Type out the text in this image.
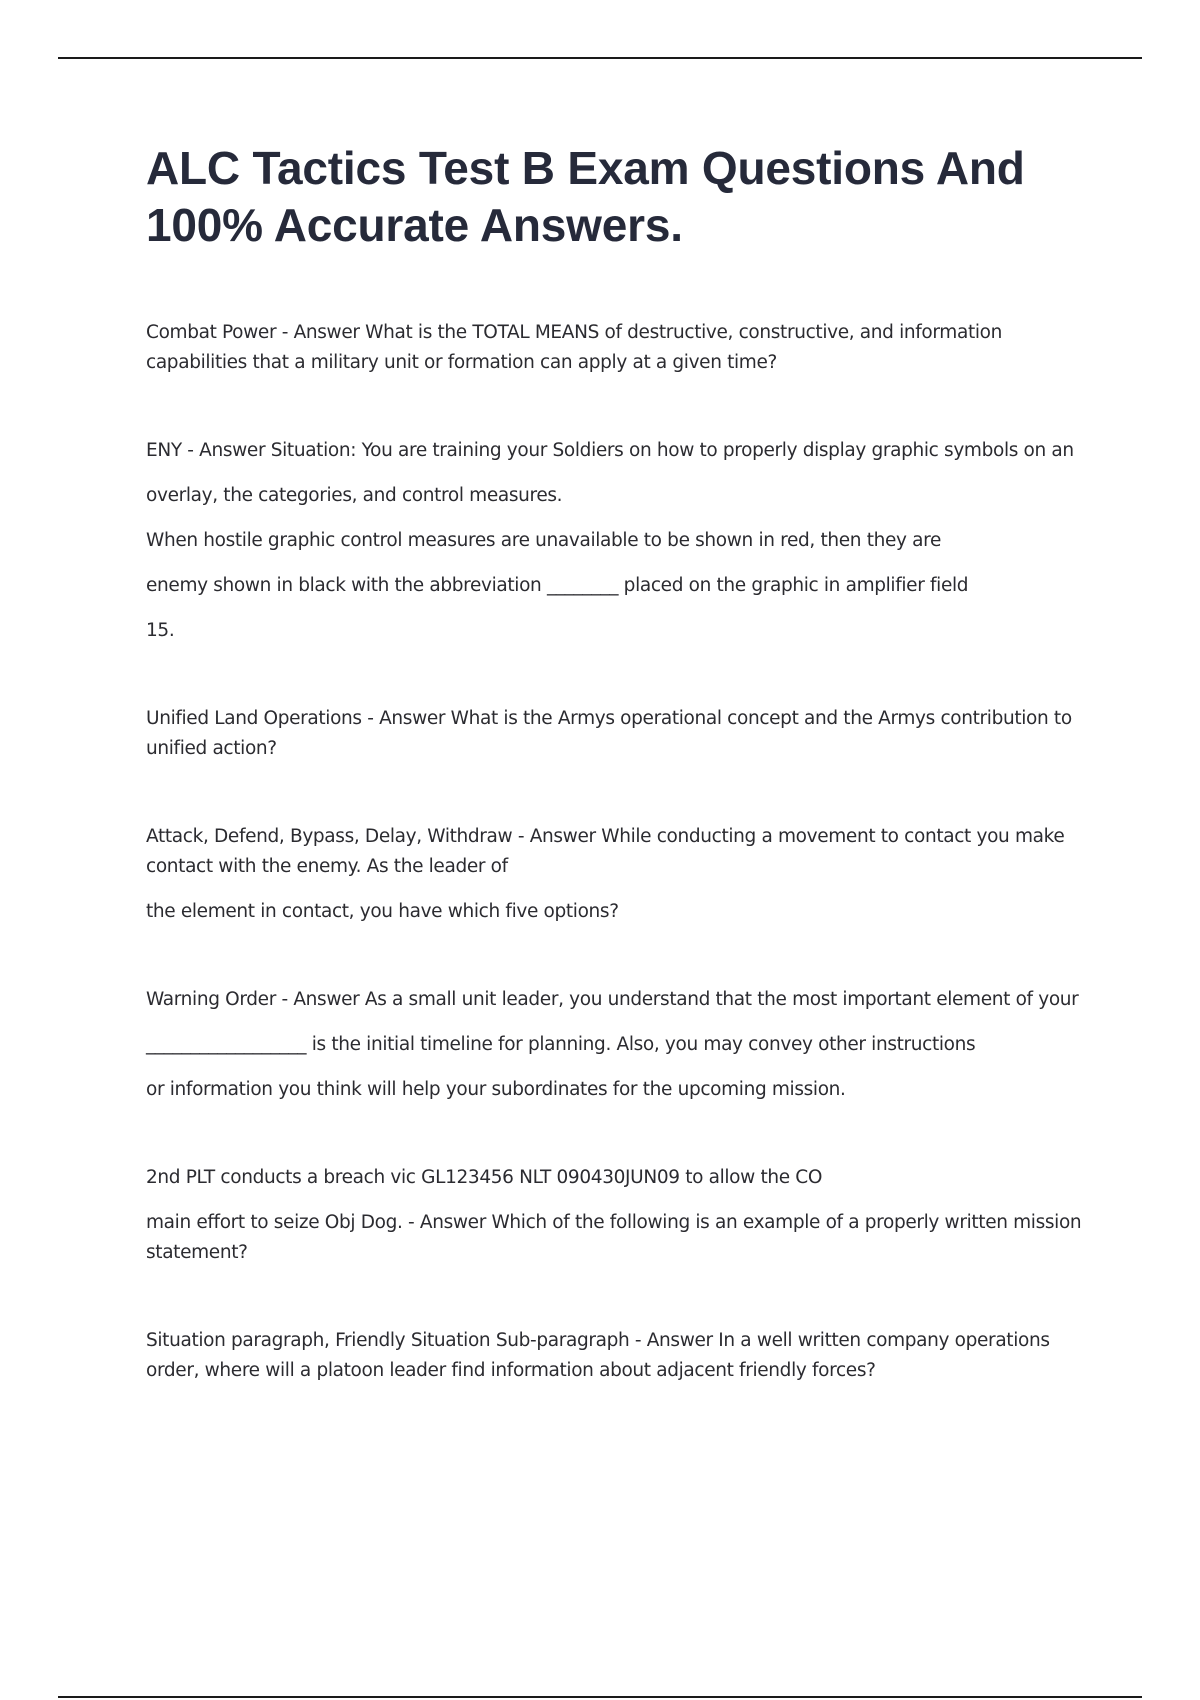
ALC Tactics Test B Exam Questions And 100% Accurate Answers.

Combat Power - Answer What is the TOTAL MEANS of destructive, constructive, and information capabilities that a military unit or formation can apply at a given time?

ENY - Answer Situation: You are training your Soldiers on how to properly display graphic symbols on an

overlay, the categories, and control measures.

When hostile graphic control measures are unavailable to be shown in red, then they are

enemy shown in black with the abbreviation ________ placed on the graphic in amplifier field

15.

Unified Land Operations - Answer What is the Armys operational concept and the Armys contribution to unified action?

Attack, Defend, Bypass, Delay, Withdraw - Answer While conducting a movement to contact you make contact with the enemy. As the leader of

the element in contact, you have which five options?

Warning Order - Answer As a small unit leader, you understand that the most important element of your

__________________ is the initial timeline for planning. Also, you may convey other instructions

or information you think will help your subordinates for the upcoming mission.

2nd PLT conducts a breach vic GL123456 NLT 090430JUN09 to allow the CO

main effort to seize Obj Dog. - Answer Which of the following is an example of a properly written mission statement?

Situation paragraph, Friendly Situation Sub-paragraph - Answer In a well written company operations order, where will a platoon leader find information about adjacent friendly forces?
